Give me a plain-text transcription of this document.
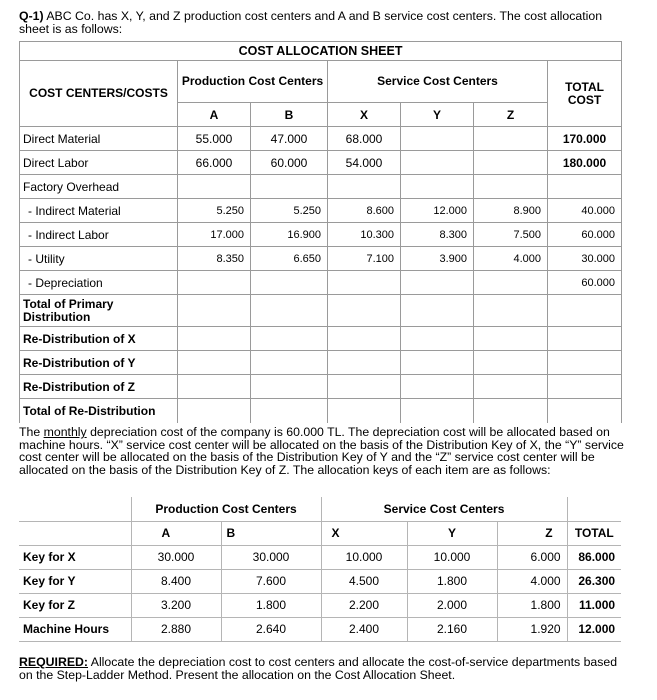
Q-1) ABC Co. has X, Y, and Z production cost centers and A and B service cost centers. The cost allocation sheet is as follows:
COST ALLOCATION SHEET						
COST CENTERS/COSTS	Production Cost Centers		Service Cost Centers			TOTAL COST
	A	B	X	Y	Z	
Direct Material	55.000	47.000	68.000			170.000
Direct Labor	66.000	60.000	54.000			180.000
Factory Overhead						
- Indirect Material	5.250	5.250	8.600	12.000	8.900	40.000
- Indirect Labor	17.000	16.900	10.300	8.300	7.500	60.000
- Utility	8.350	6.650	7.100	3.900	4.000	30.000
- Depreciation						60.000
Total of Primary Distribution						
Re-Distribution of X						
Re-Distribution of Y						
Re-Distribution of Z						
Total of Re-Distribution						
The monthly depreciation cost of the company is 60.000 TL. The depreciation cost will be allocated based on machine hours. “X” service cost center will be allocated on the basis of the Distribution Key of X, the “Y” service cost center will be allocated on the basis of the Distribution Key of Y and the “Z” service cost center will be allocated on the basis of the Distribution Key of Z. The allocation keys of each item are as follows:
	Production Cost Centers		Service Cost Centers			
	A	B	X	Y	Z	TOTAL
Key for X	30.000	30.000	10.000	10.000	6.000	86.000
Key for Y	8.400	7.600	4.500	1.800	4.000	26.300
Key for Z	3.200	1.800	2.200	2.000	1.800	11.000
Machine Hours	2.880	2.640	2.400	2.160	1.920	12.000
REQUIRED: Allocate the depreciation cost to cost centers and allocate the cost-of-service departments based on the Step-Ladder Method. Present the allocation on the Cost Allocation Sheet.
